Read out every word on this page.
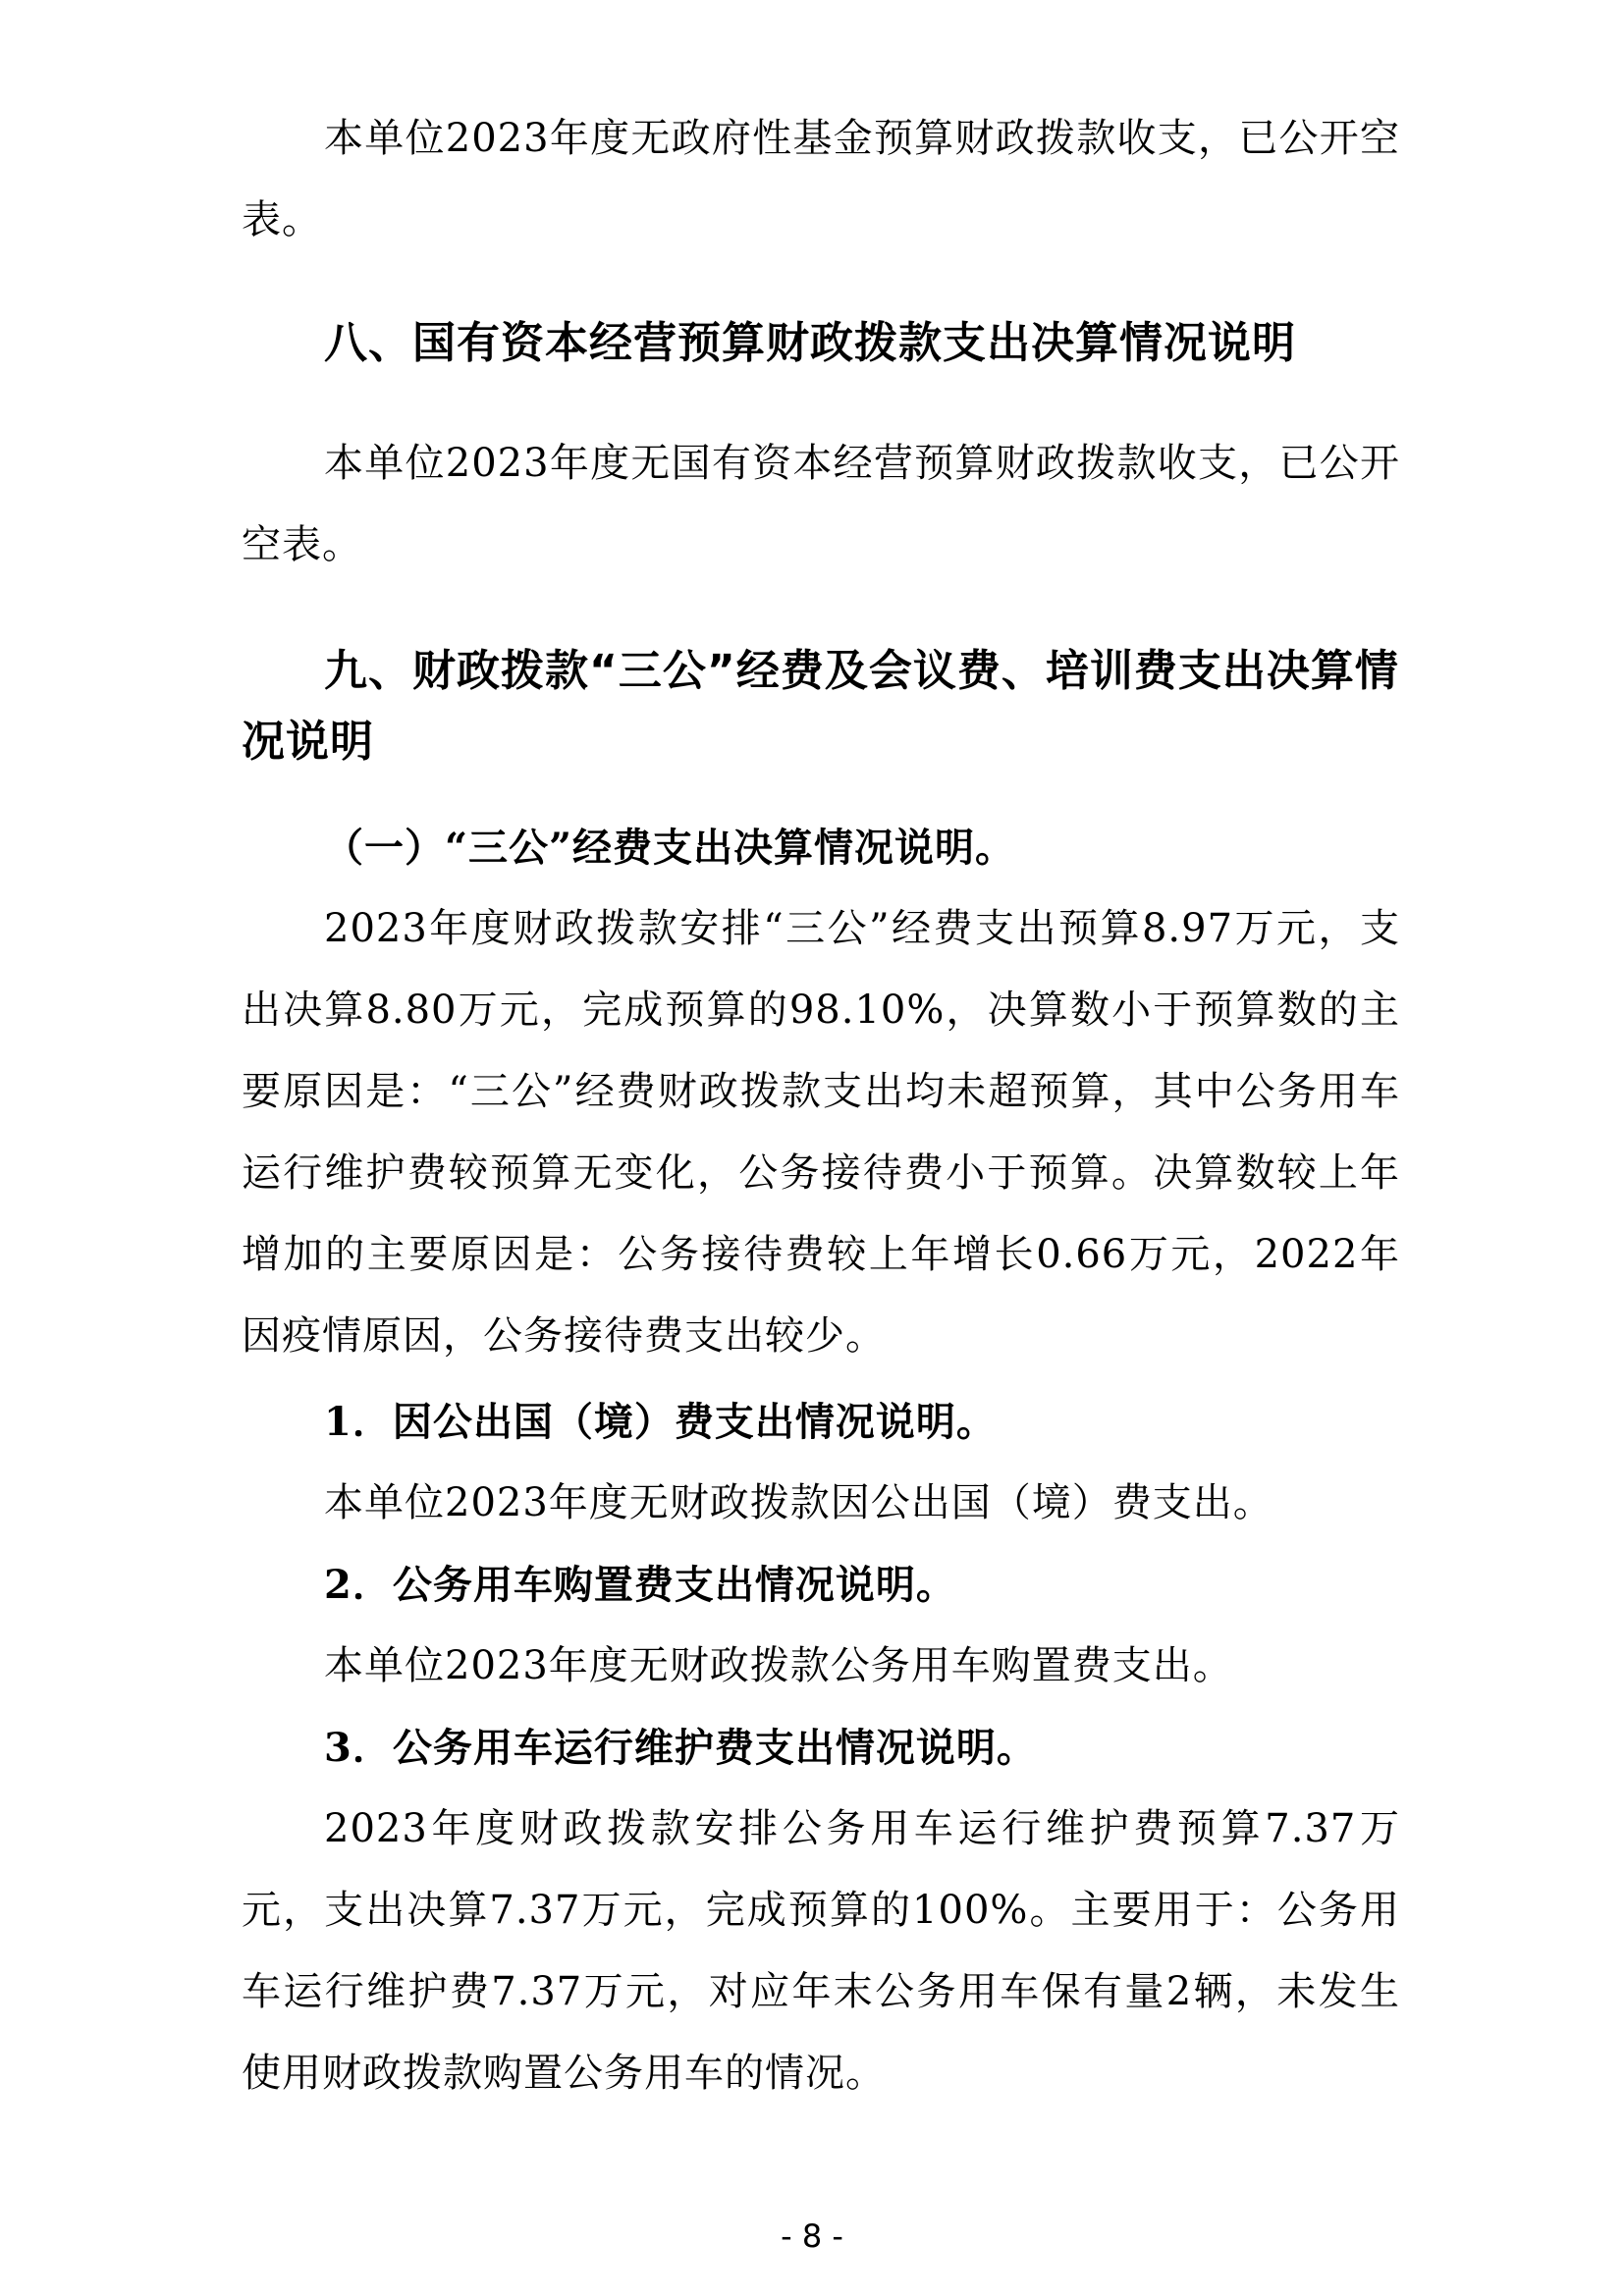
本单位2023年度无政府性基金预算财政拨款收支，已公开空表。

八、国有资本经营预算财政拨款支出决算情况说明

本单位2023年度无国有资本经营预算财政拨款收支，已公开空表。

九、财政拨款“三公”经费及会议费、培训费支出决算情况说明

（一）“三公”经费支出决算情况说明。

2023年度财政拨款安排“三公”经费支出预算8.97万元，支出决算8.80万元，完成预算的98.10%，决算数小于预算数的主要原因是：“三公”经费财政拨款支出均未超预算，其中公务用车运行维护费较预算无变化，公务接待费小于预算。决算数较上年增加的主要原因是：公务接待费较上年增长0.66万元，2022年因疫情原因，公务接待费支出较少。

1．因公出国（境）费支出情况说明。

本单位2023年度无财政拨款因公出国（境）费支出。

2．公务用车购置费支出情况说明。

本单位2023年度无财政拨款公务用车购置费支出。

3．公务用车运行维护费支出情况说明。

2023年度财政拨款安排公务用车运行维护费预算7.37万元，支出决算7.37万元，完成预算的100%。主要用于：公务用车运行维护费7.37万元，对应年末公务用车保有量2辆，未发生使用财政拨款购置公务用车的情况。

- 8 -
